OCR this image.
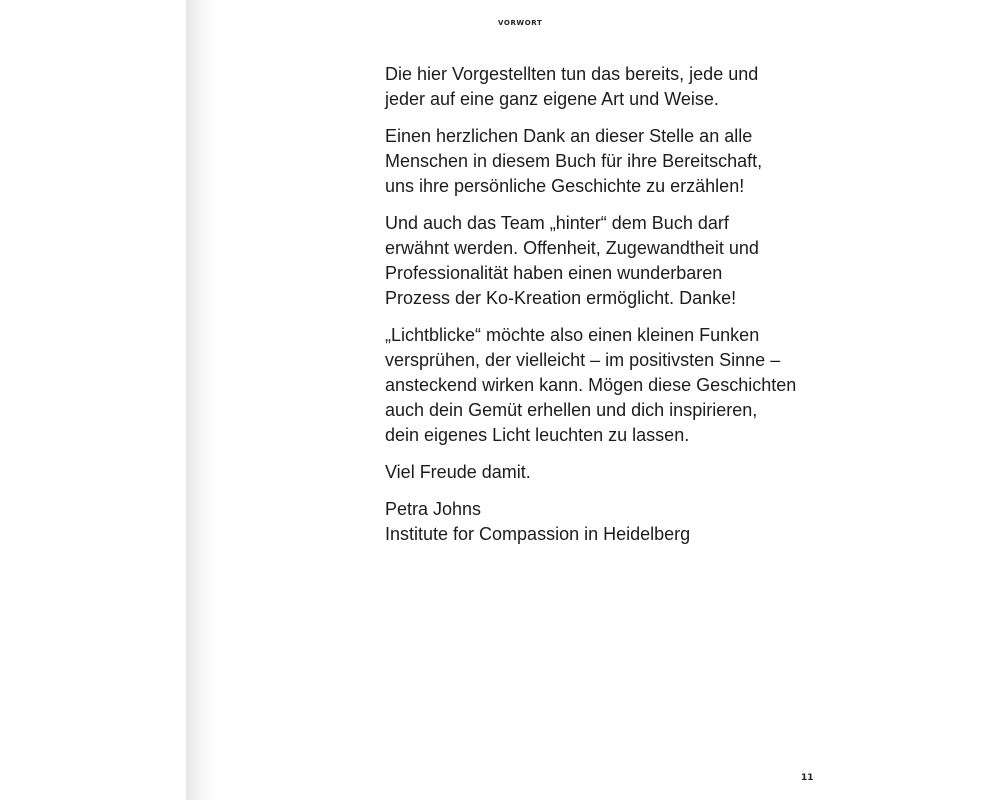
VORWORT

Die hier Vorgestellten tun das bereits, jede und
jeder auf eine ganz eigene Art und Weise.

Einen herzlichen Dank an dieser Stelle an alle
Menschen in diesem Buch für ihre Bereitschaft,
uns ihre persönliche Geschichte zu erzählen!

Und auch das Team „hinter“ dem Buch darf
erwähnt werden. Offenheit, Zugewandtheit und
Professionalität haben einen wunderbaren
Prozess der Ko-Kreation ermöglicht. Danke!

„Lichtblicke“ möchte also einen kleinen Funken
versprühen, der vielleicht – im positivsten Sinne –
ansteckend wirken kann. Mögen diese Geschichten
auch dein Gemüt erhellen und dich inspirieren,
dein eigenes Licht leuchten zu lassen.

Viel Freude damit.

Petra Johns
Institute for Compassion in Heidelberg

11
